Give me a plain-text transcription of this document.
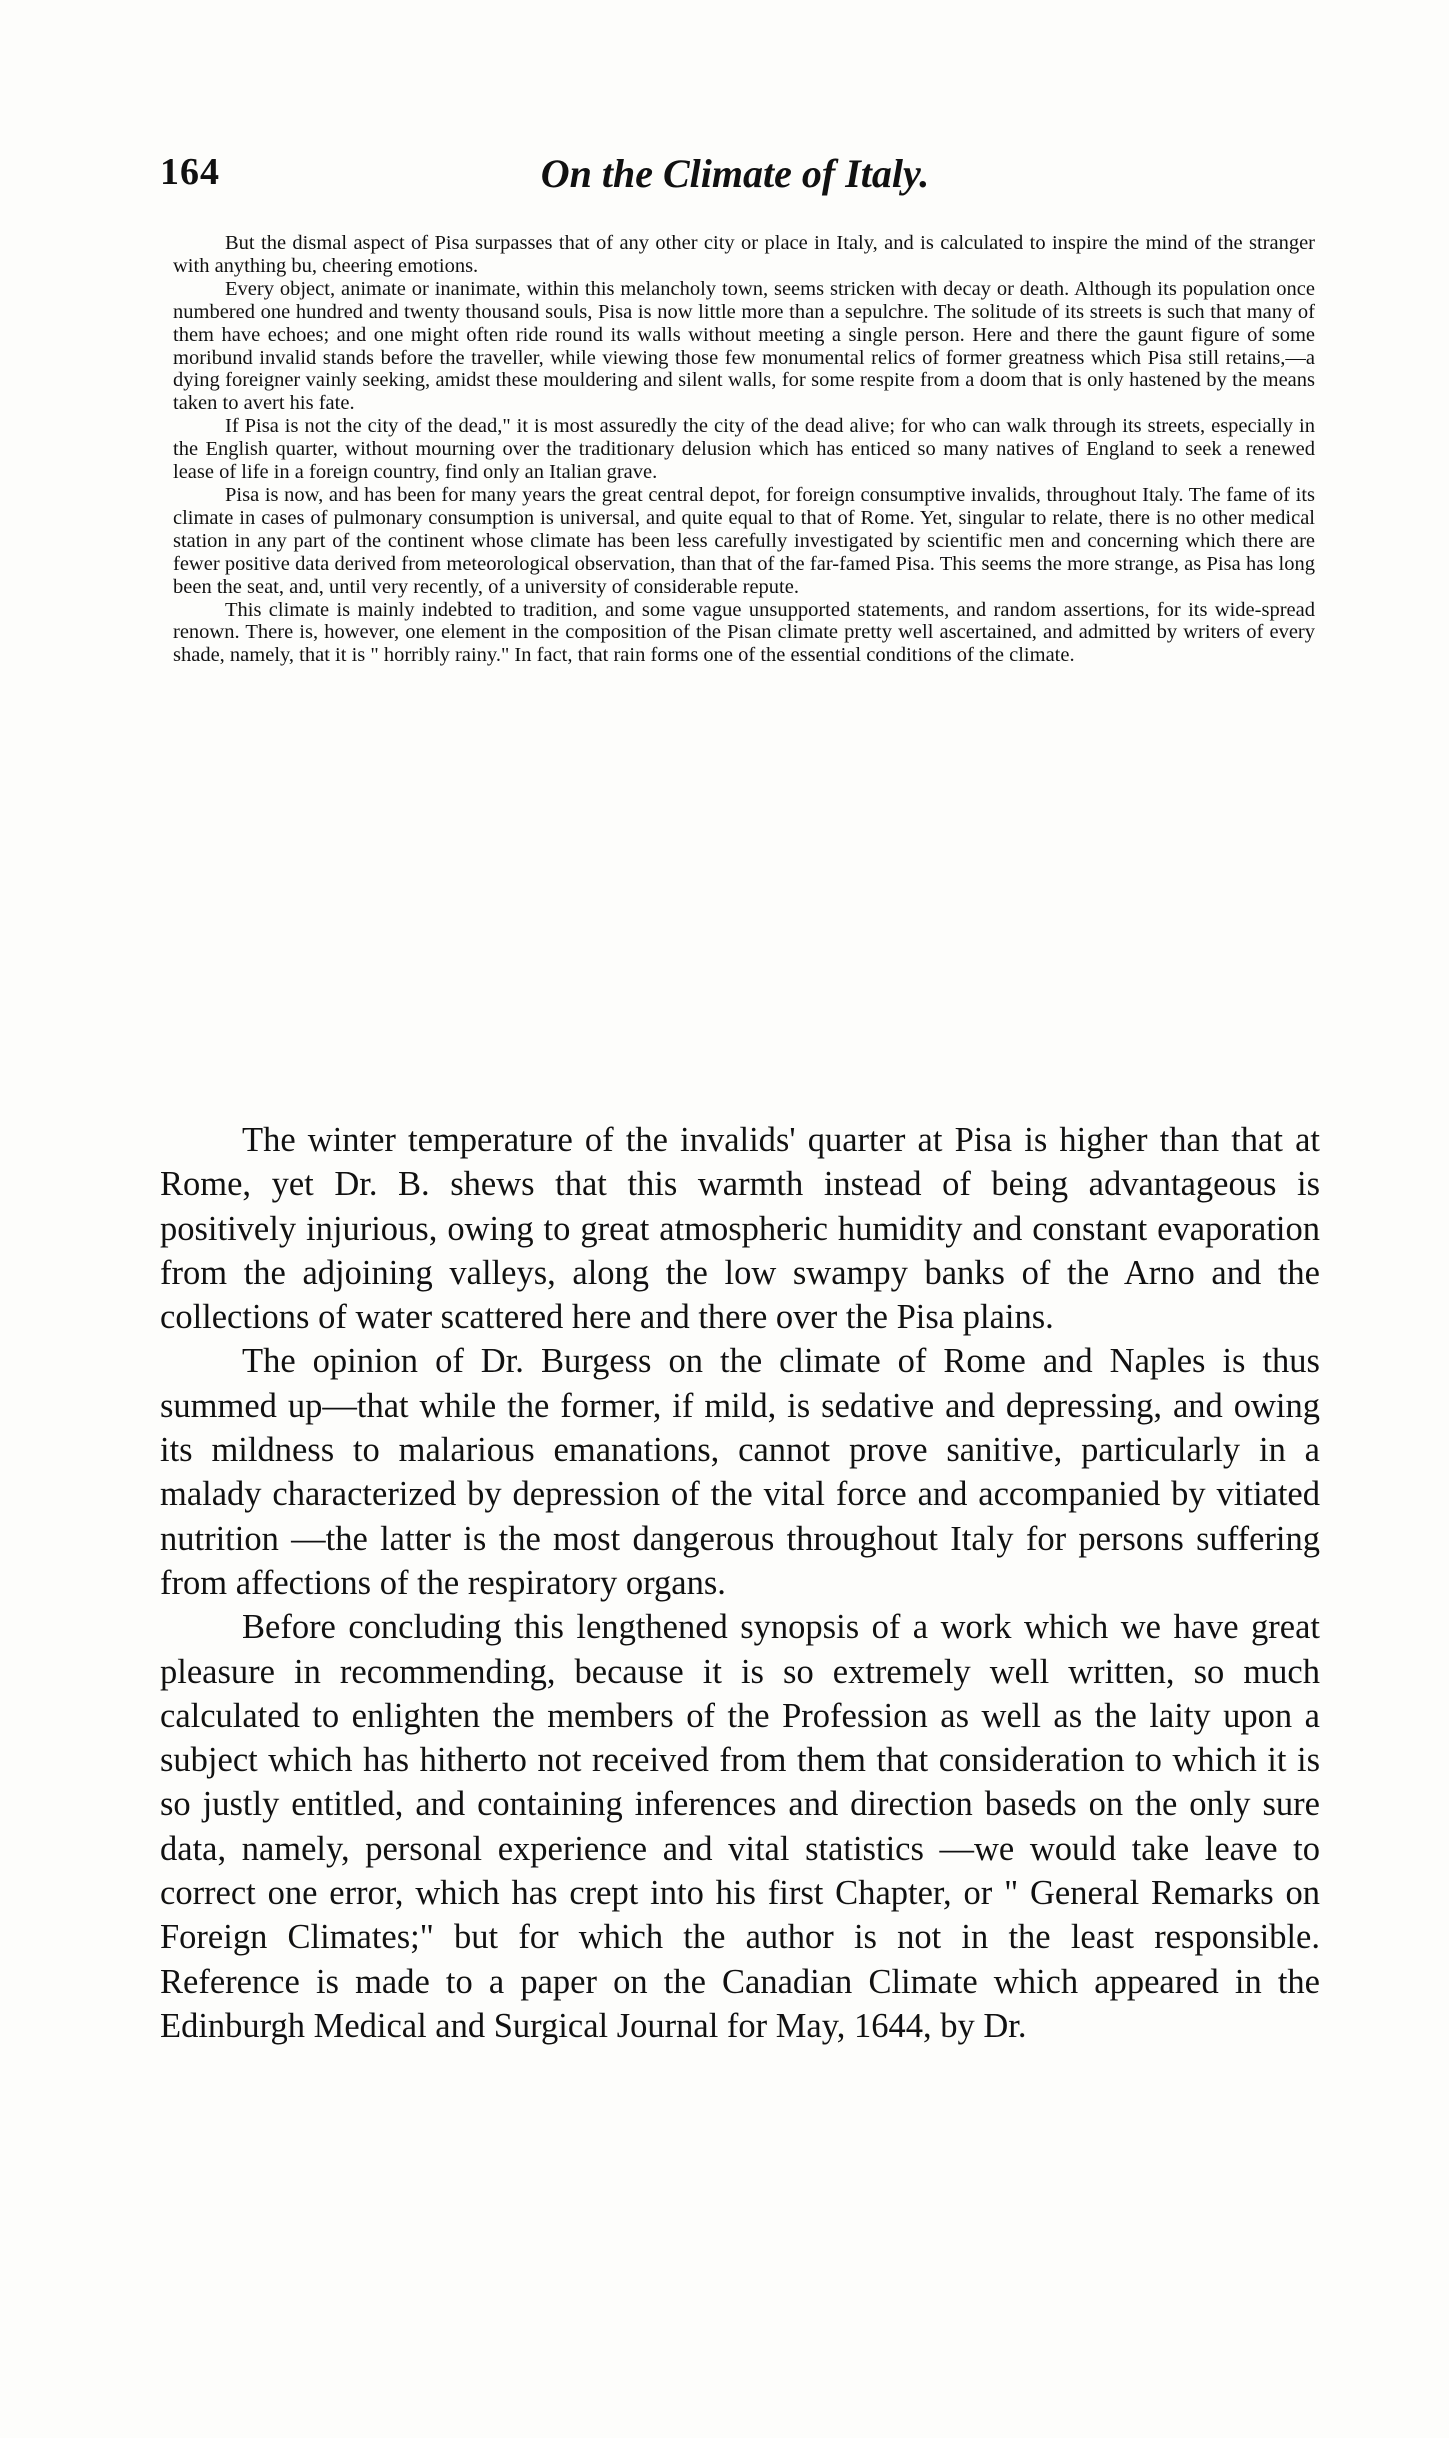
164	On the Climate of Italy.

But the dismal aspect of Pisa surpasses that of any other city or place in Italy, and is calculated to inspire the mind of the stranger with anything bu, cheering emotions.

Every object, animate or inanimate, within this melancholy town, seems stricken with decay or death. Although its population once numbered one hundred and twenty thousand souls, Pisa is now little more than a sepulchre. The solitude of its streets is such that many of them have echoes; and one might often ride round its walls without meeting a single person. Here and there the gaunt figure of some moribund invalid stands before the traveller, while viewing those few monumental relics of former greatness which Pisa still retains,—a dying foreigner vainly seeking, amidst these mouldering and silent walls, for some respite from a doom that is only hastened by the means taken to avert his fate.

If Pisa is not the city of the dead," it is most assuredly the city of the dead alive; for who can walk through its streets, especially in the English quarter, without mourning over the traditionary delusion which has enticed so many natives of England to seek a renewed lease of life in a foreign country, find only an Italian grave.

Pisa is now, and has been for many years the great central depot, for foreign consumptive invalids, throughout Italy. The fame of its climate in cases of pulmonary consumption is universal, and quite equal to that of Rome. Yet, singular to relate, there is no other medical station in any part of the continent whose climate has been less carefully investigated by scientific men and concerning which there are fewer positive data derived from meteorological observation, than that of the far-famed Pisa. This seems the more strange, as Pisa has long been the seat, and, until very recently, of a university of considerable repute.

This climate is mainly indebted to tradition, and some vague unsupported statements, and random assertions, for its wide-spread renown. There is, however, one element in the composition of the Pisan climate pretty well ascertained, and admitted by writers of every shade, namely, that it is " horribly rainy." In fact, that rain forms one of the essential conditions of the climate.

The winter temperature of the invalids' quarter at Pisa is higher than that at Rome, yet Dr. B. shews that this warmth instead of being advantageous is positively injurious, owing to great atmospheric humidity and constant evaporation from the adjoining valleys, along the low swampy banks of the Arno and the collections of water scattered here and there over the Pisa plains.

The opinion of Dr. Burgess on the climate of Rome and Naples is thus summed up—that while the former, if mild, is sedative and depressing, and owing its mildness to malarious emanations, cannot prove sanitive, particularly in a malady characterized by depression of the vital force and accompanied by vitiated nutrition —the latter is the most dangerous throughout Italy for persons suffering from affections of the respiratory organs.

Before concluding this lengthened synopsis of a work which we have great pleasure in recommending, because it is so extremely well written, so much calculated to enlighten the members of the Profession as well as the laity upon a subject which has hitherto not received from them that consideration to which it is so justly entitled, and containing inferences and direction baseds on the only sure data, namely, personal experience and vital statistics —we would take leave to correct one error, which has crept into his first Chapter, or " General Remarks on Foreign Climates;" but for which the author is not in the least responsible. Reference is made to a paper on the Canadian Climate which appeared in the Edinburgh Medical and Surgical Journal for May, 1644, by Dr.
